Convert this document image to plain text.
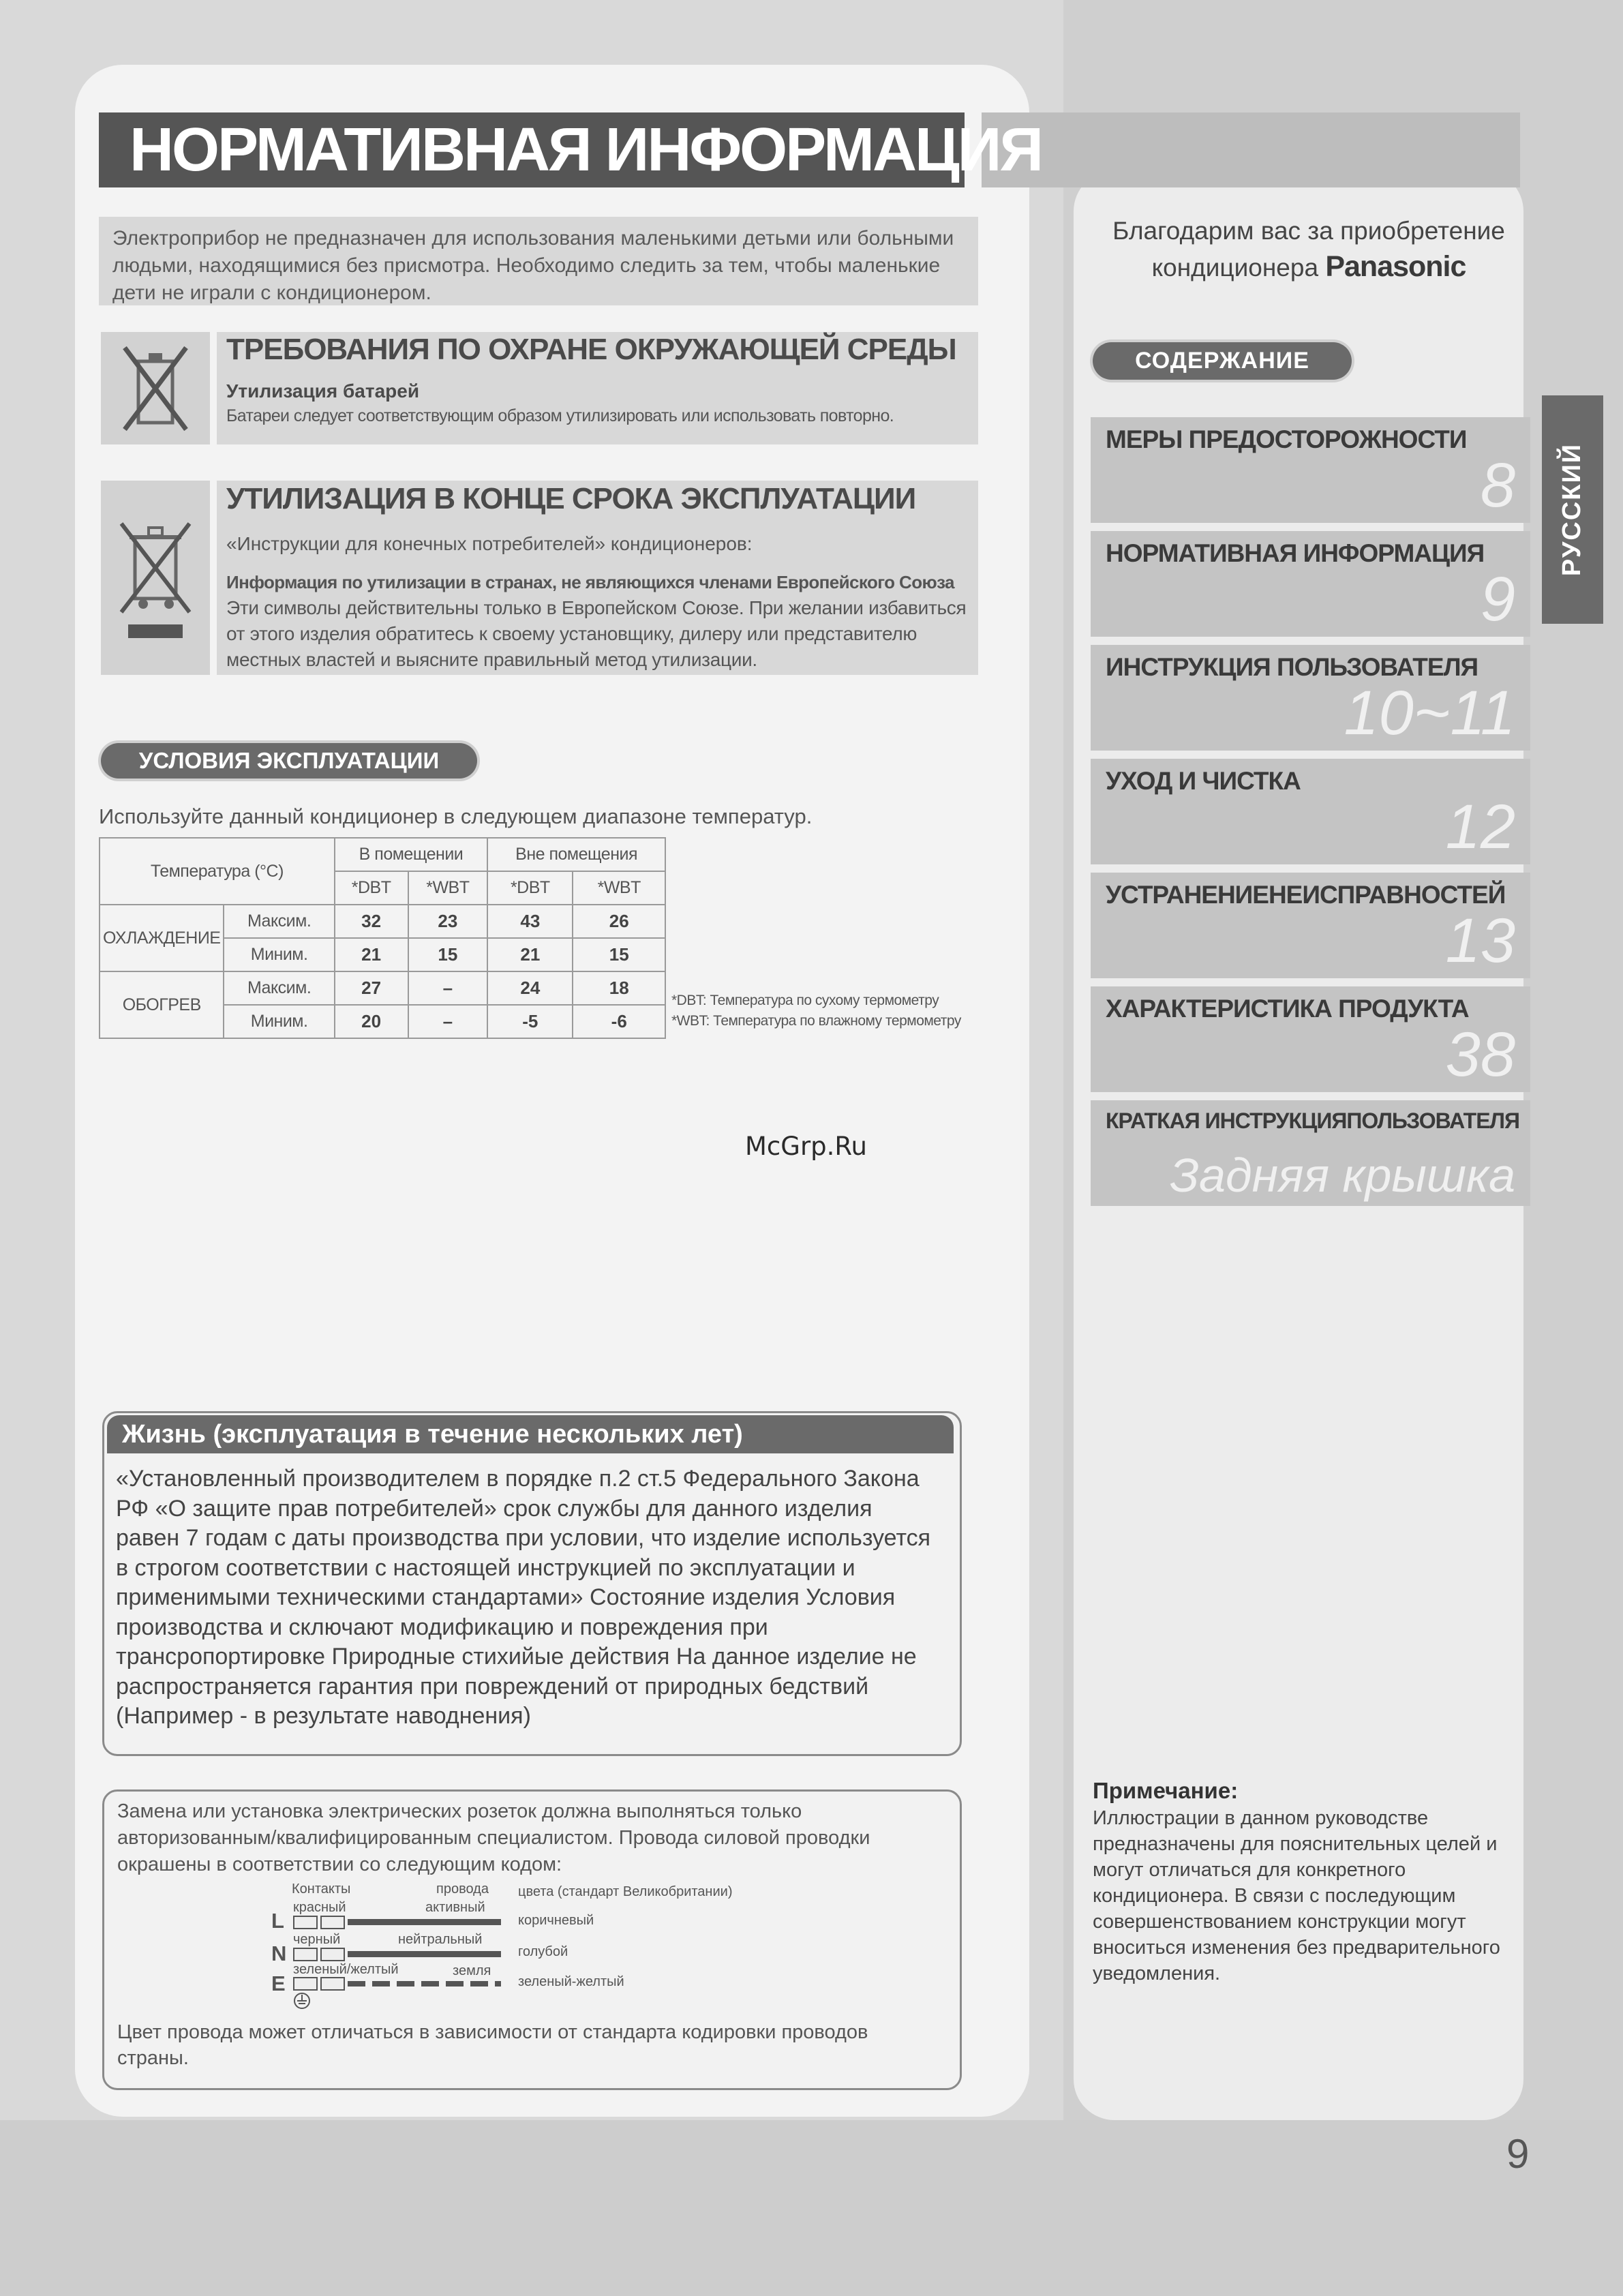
НОРМАТИВНАЯ ИНФОРМАЦИЯ
Электроприбор не предназначен для использования маленькими детьми или больными людьми, находящимися без присмотра. Необходимо следить за тем, чтобы маленькие дети не играли с кондиционером.
ТРЕБОВАНИЯ ПО ОХРАНЕ ОКРУЖАЮЩЕЙ СРЕДЫ
Утилизация батарей
Батареи следует соответствующим образом утилизировать или использовать повторно.
УТИЛИЗАЦИЯ В КОНЦЕ СРОКА ЭКСПЛУАТАЦИИ
«Инструкции для конечных потребителей» кондиционеров:
Информация по утилизации в странах, не являющихся членами Европейского Союза
Эти символы действительны только в Европейском Союзе. При желании избавиться от этого изделия обратитесь к своему установщику, дилеру или представителю местных властей и выясните правильный метод утилизации.
УСЛОВИЯ ЭКСПЛУАТАЦИИ
Используйте данный кондиционер в следующем диапазоне температур.
Температура (°С)		В помещении		Вне помещения	
		*DBT	*WBT	*DBT	*WBT
ОХЛАЖДЕНИЕ	Максим.	32	23	43	26
	Миним.	21	15	21	15
ОБОГРЕВ	Максим.	27	–	24	18
	Миним.	20	–	-5	-6
*DBT: Температура по сухому термометру
*WBT: Температура по влажному термометру
McGrp.Ru
Жизнь (эксплуатация в течение нескольких лет)
«Установленный производителем в порядке п.2 ст.5 Федерального Закона РФ «О защите прав потребителей» срок службы для данного изделия равен 7 годам с даты производства при условии, что изделие используется в строгом соответствии с настоящей инструкцией по эксплуатации и применимыми техническими стандартами» Состояние изделия Условия производства и сключают модификацию и повреждения при трансропортировке Природные стихийые действия На данное изделие не распространяется гарантия при повреждений от природных бедствий (Например - в результате наводнения)
Замена или установка электрических розеток должна выполняться только авторизованным/квалифицированным специалистом. Провода силовой проводки окрашены в соответствии со следующим кодом:
Контакты	провода цвета (стандарт Великобритании)
L
красный	активный
коричневый
N
черный	нейтральный
голубой
E
зеленый/желтый	земля
зеленый-желтый
Цвет провода может отличаться в зависимости от стандарта кодировки проводов страны.
Благодарим вас за приобретение
кондиционера Panasonic
СОДЕРЖАНИЕ
МЕРЫ ПРЕДОСТОРОЖНОСТИ
8
НОРМАТИВНАЯ ИНФОРМАЦИЯ
9
ИНСТРУКЦИЯ ПОЛЬЗОВАТЕЛЯ
10~11
УХОД И ЧИСТКА
12
УСТРАНЕНИЕНЕИСПРАВНОСТЕЙ
13
ХАРАКТЕРИСТИКА ПРОДУКТА
38
КРАТКАЯ ИНСТРУКЦИЯПОЛЬЗОВАТЕЛЯ
Задняя крышка
РУССКИЙ
Примечание:
Иллюстрации в данном руководстве предназначены для пояснительных целей и могут отличаться для конкретного кондиционера. В связи с последующим совершенствованием конструкции могут вноситься изменения без предварительного уведомления.
9
